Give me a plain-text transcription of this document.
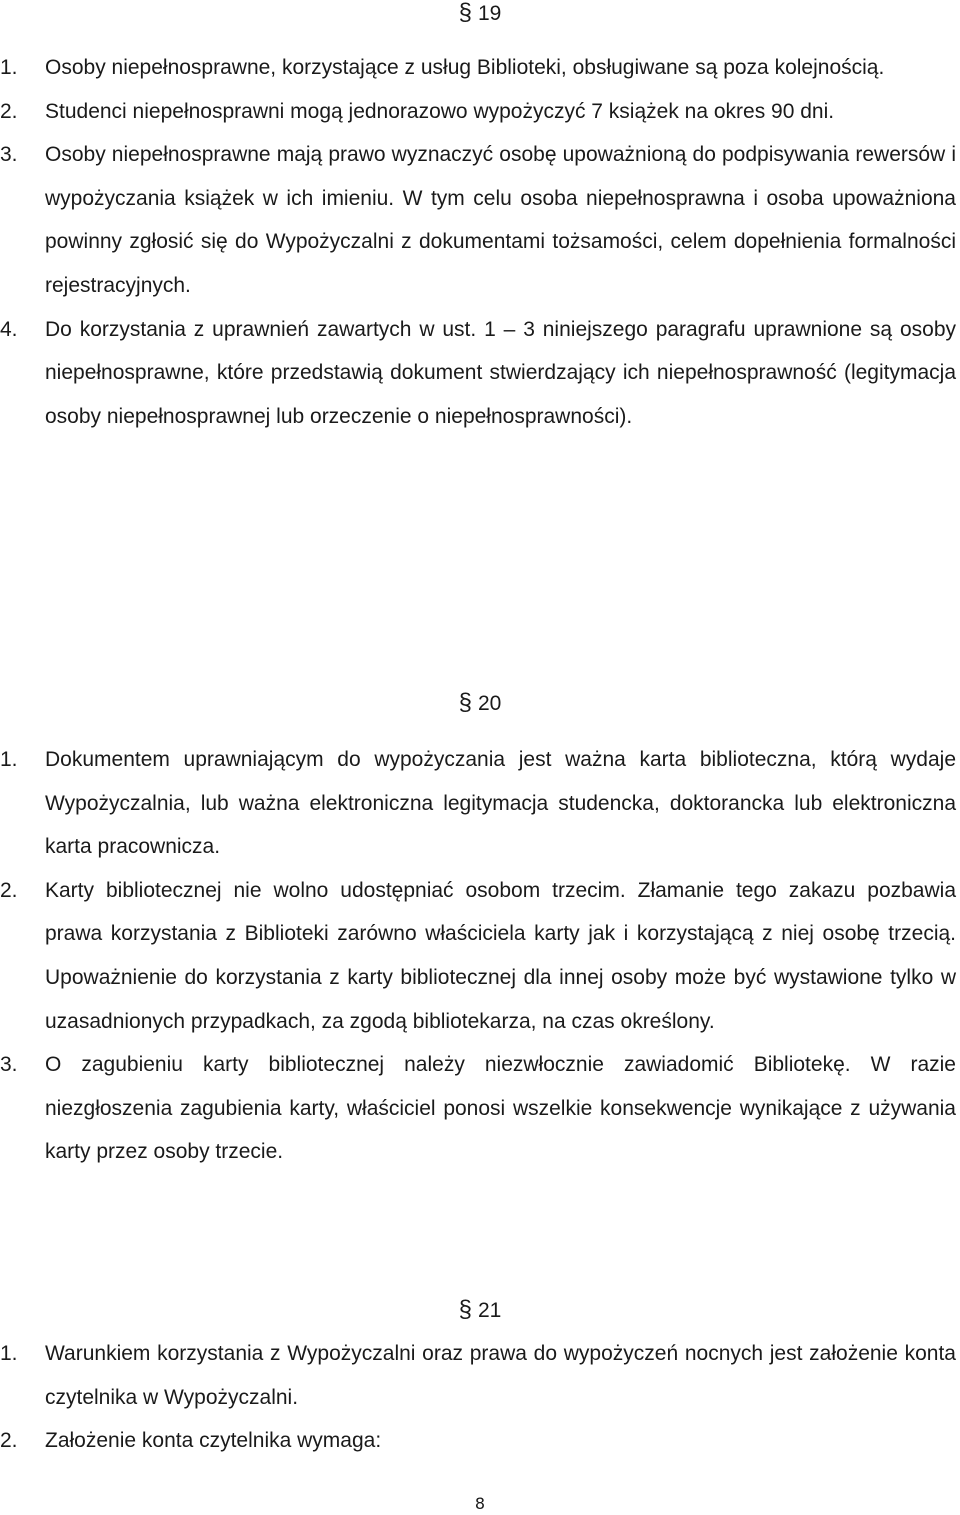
§ 19
1.	Osoby niepełnosprawne, korzystające z usług Biblioteki, obsługiwane są poza kolejnością.
2.	Studenci niepełnosprawni mogą jednorazowo wypożyczyć 7 książek na okres 90 dni.
3.	Osoby niepełnosprawne mają prawo wyznaczyć osobę upoważnioną do podpisywania rewersów i wypożyczania książek w ich imieniu. W tym celu osoba niepełnosprawna i osoba upoważniona powinny zgłosić się do Wypożyczalni z dokumentami tożsamości, celem dopełnienia formalności rejestracyjnych.
4.	Do korzystania z uprawnień zawartych w ust. 1 – 3 niniejszego paragrafu uprawnione są osoby niepełnosprawne, które przedstawią dokument stwierdzający ich niepełnosprawność (legitymacja osoby niepełnosprawnej lub orzeczenie o niepełnosprawności).
§ 20
1.	Dokumentem uprawniającym do wypożyczania jest ważna karta biblioteczna, którą wydaje Wypożyczalnia, lub ważna elektroniczna legitymacja studencka, doktorancka lub elektroniczna karta pracownicza.
2.	Karty bibliotecznej nie wolno udostępniać osobom trzecim. Złamanie tego zakazu pozbawia prawa korzystania z Biblioteki zarówno właściciela karty jak i korzystającą z niej osobę trzecią. Upoważnienie do korzystania z karty bibliotecznej dla innej osoby może być wystawione tylko w uzasadnionych przypadkach, za zgodą bibliotekarza, na czas określony.
3.	O zagubieniu karty bibliotecznej należy niezwłocznie zawiadomić Bibliotekę. W razie niezgłoszenia zagubienia karty, właściciel ponosi wszelkie konsekwencje wynikające z używania karty przez osoby trzecie.
§ 21
1.	Warunkiem korzystania z Wypożyczalni oraz prawa do wypożyczeń nocnych jest założenie konta czytelnika w Wypożyczalni.
2.	Założenie konta czytelnika wymaga:
8
